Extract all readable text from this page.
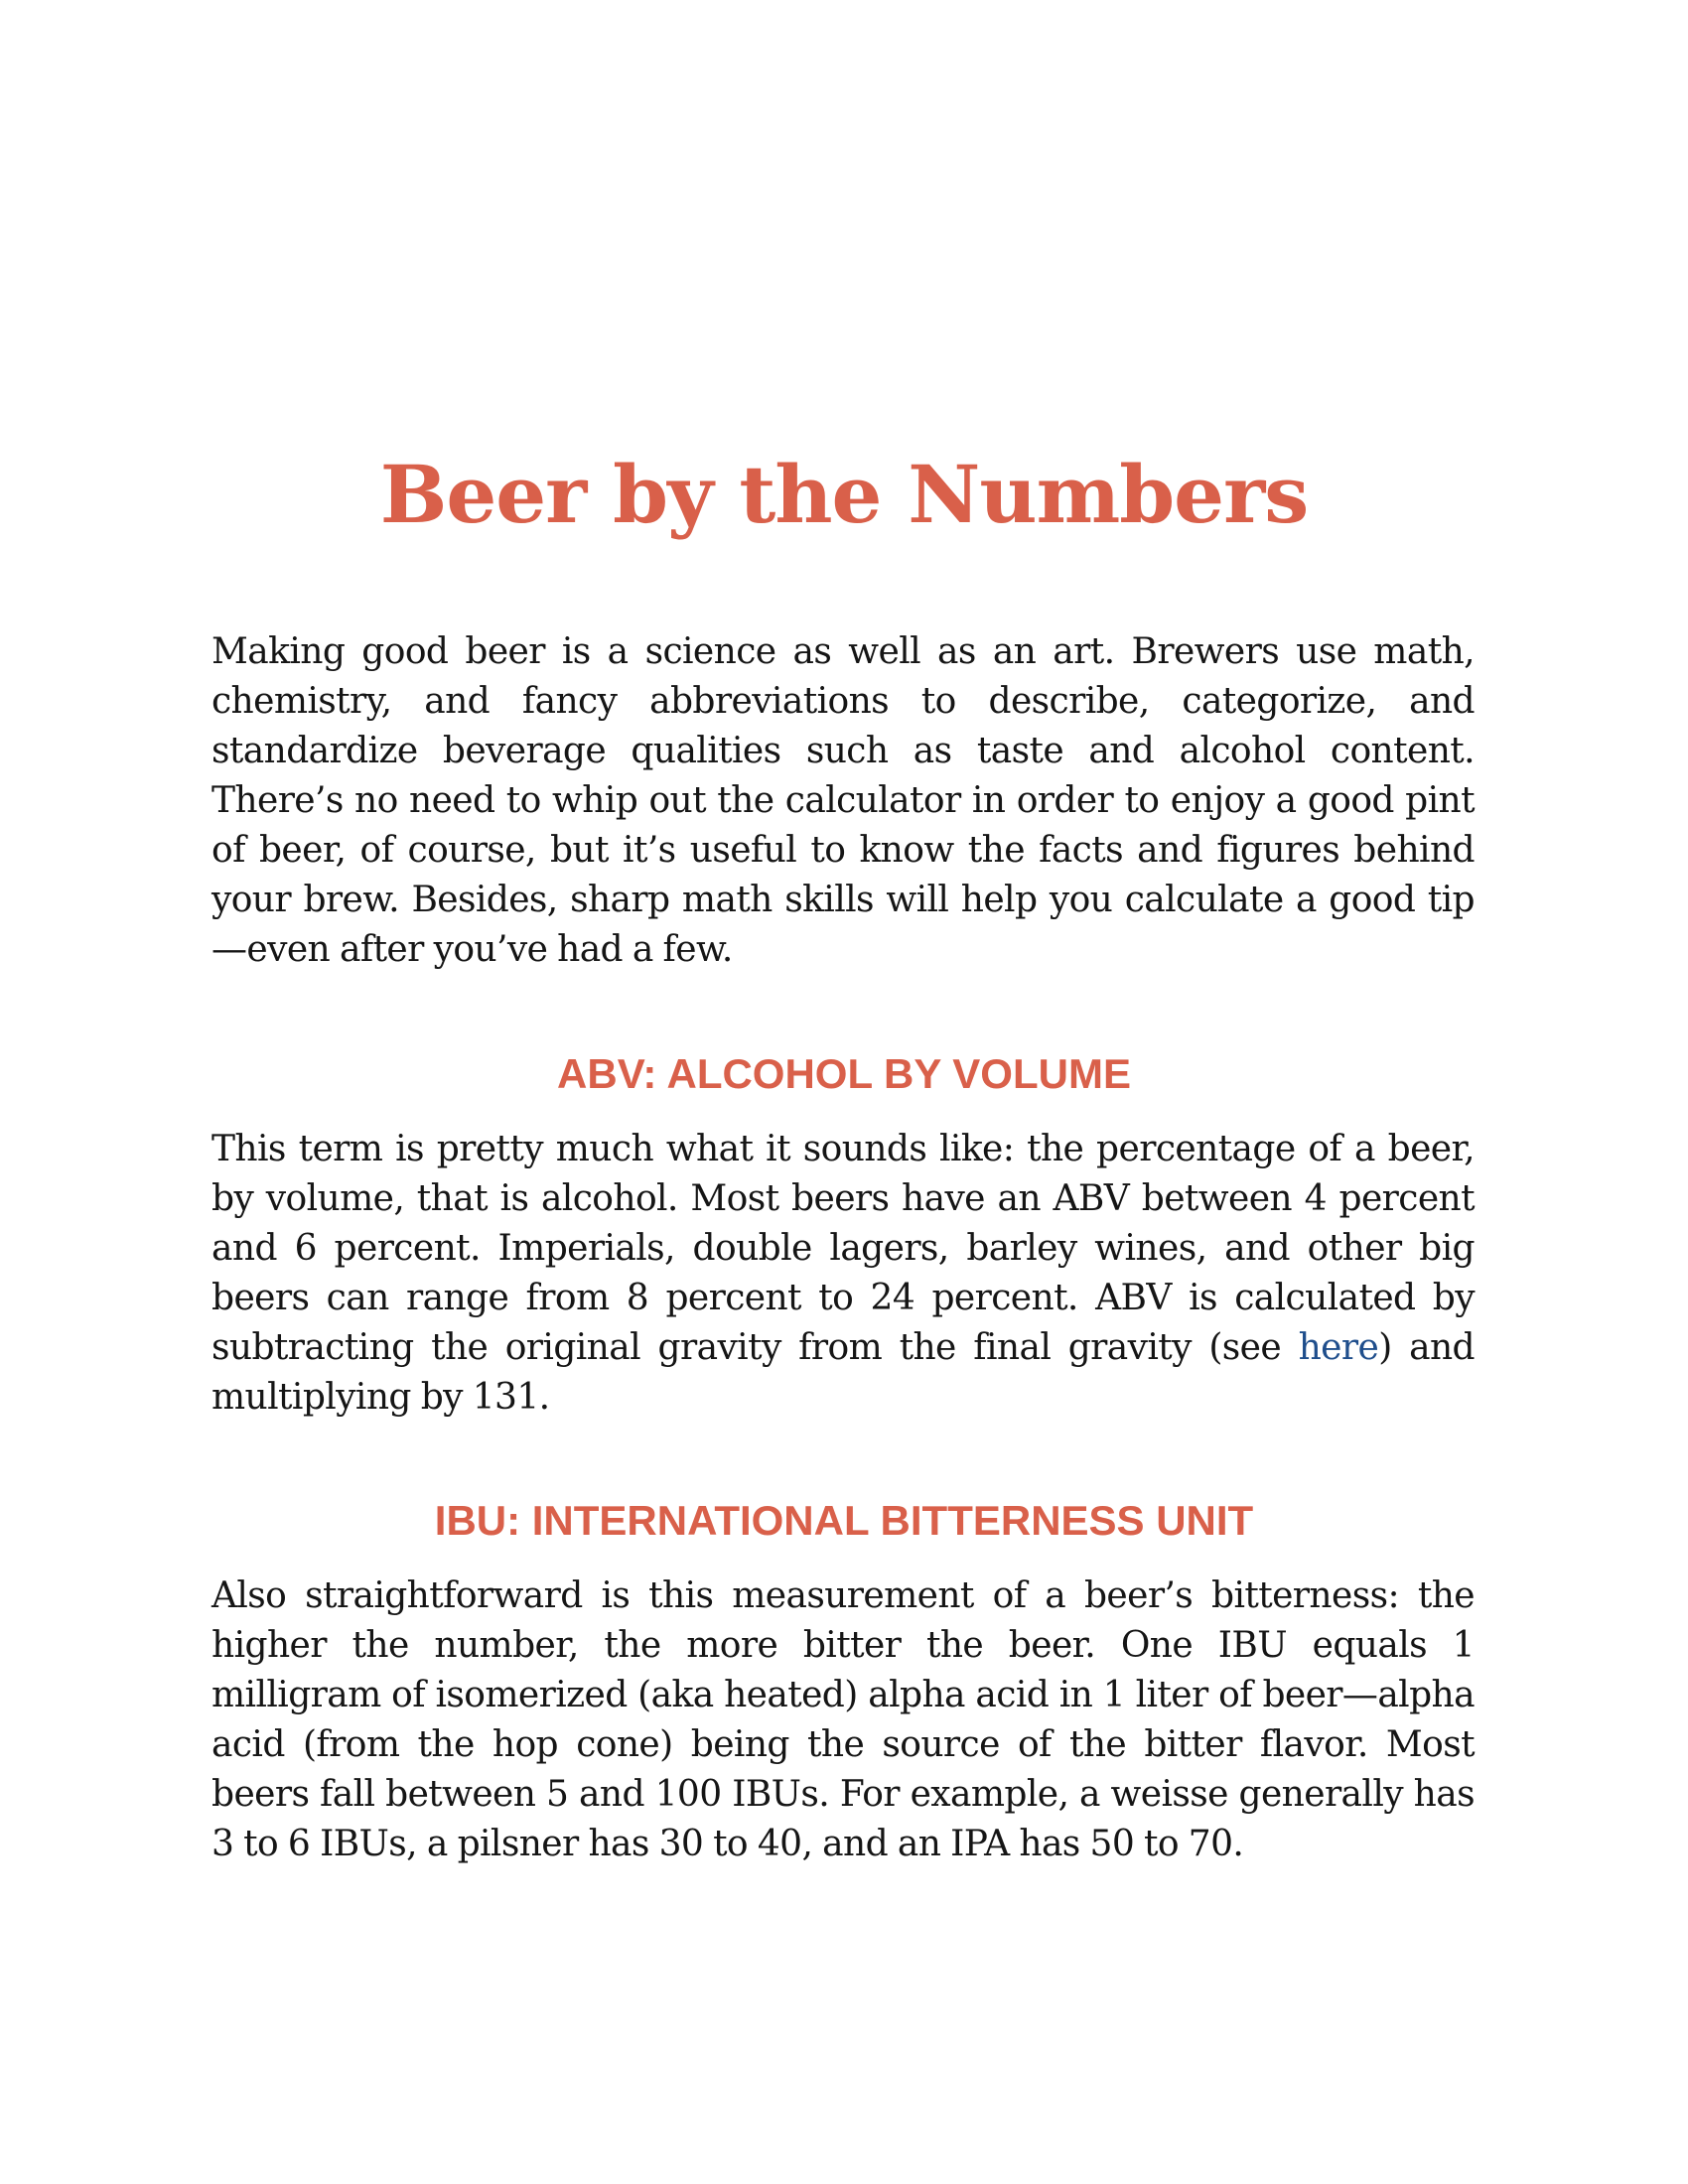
Beer by the Numbers

Making good beer is a science as well as an art. Brewers use math, chemistry, and fancy abbreviations to describe, categorize, and standardize beverage qualities such as taste and alcohol content. There’s no need to whip out the calculator in order to enjoy a good pint of beer, of course, but it’s useful to know the facts and figures behind your brew. Besides, sharp math skills will help you calculate a good tip—even after you’ve had a few.

ABV: ALCOHOL BY VOLUME

This term is pretty much what it sounds like: the percentage of a beer, by volume, that is alcohol. Most beers have an ABV between 4 percent and 6 percent. Imperials, double lagers, barley wines, and other big beers can range from 8 percent to 24 percent. ABV is calculated by subtracting the original gravity from the final gravity (see here) and multiplying by 131.

IBU: INTERNATIONAL BITTERNESS UNIT

Also straightforward is this measurement of a beer’s bitterness: the higher the number, the more bitter the beer. One IBU equals 1 milligram of isomerized (aka heated) alpha acid in 1 liter of beer—alpha acid (from the hop cone) being the source of the bitter flavor. Most beers fall between 5 and 100 IBUs. For example, a weisse generally has 3 to 6 IBUs, a pilsner has 30 to 40, and an IPA has 50 to 70.
